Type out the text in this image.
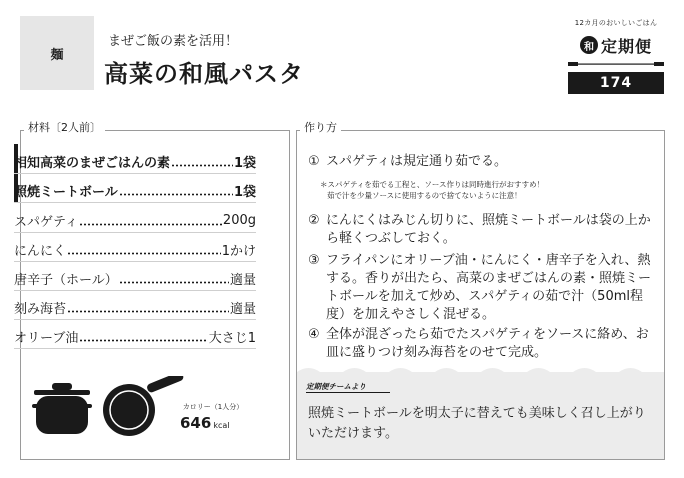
麺
まぜご飯の素を活用！
高菜の和風パスタ
12カ月のおいしいごはん
和 定期便
174
材料〔2人前〕
相知高菜のまぜごはんの素	1袋
照焼ミートボール	1袋
スパゲティ	200g
にんにく	1かけ
唐辛子（ホール）	適量
刻み海苔	適量
オリーブ油	大さじ1
カロリー（1人分）
646 kcal
作り方
① スパゲティは規定通り茹でる。
＊スパゲティを茹でる工程と、ソース作りは同時進行がおすすめ！
茹で汁を少量ソースに使用するので捨てないように注意！
② にんにくはみじん切りに、照焼ミートボールは袋の上から軽くつぶしておく。
③ フライパンにオリーブ油・にんにく・唐辛子を入れ、熱する。香りが出たら、高菜のまぜごはんの素・照焼ミートボールを加えて炒め、スパゲティの茹で汁（50ml程度）を加えやさしく混ぜる。
④ 全体が混ざったら茹でたスパゲティをソースに絡め、お皿に盛りつけ刻み海苔をのせて完成。
定期便チームより
照焼ミートボールを明太子に替えても美味しく召し上がりいただけます。
